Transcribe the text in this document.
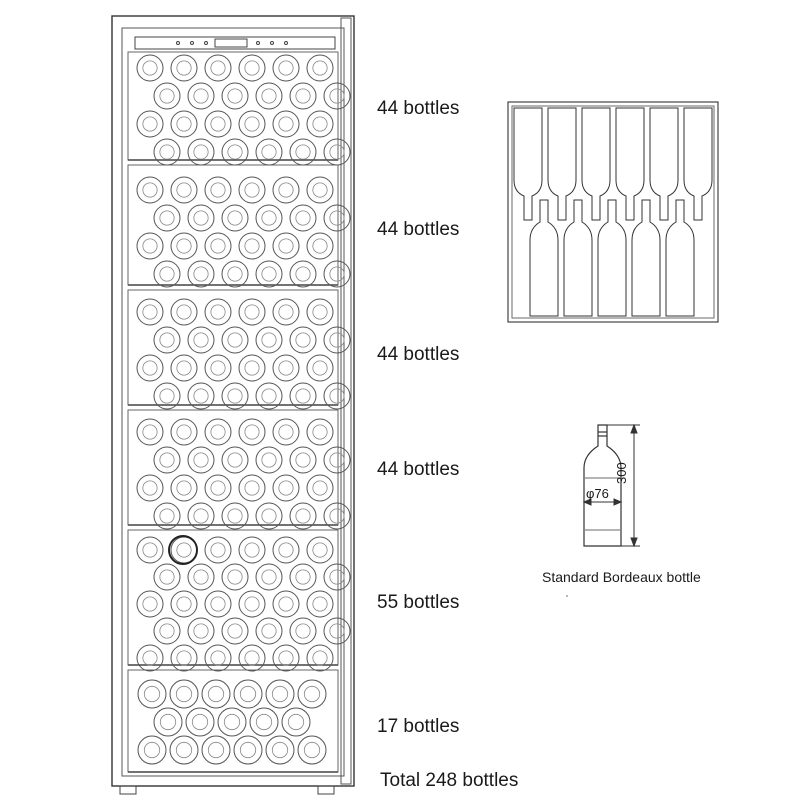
44 bottles
44 bottles
44 bottles
44 bottles
55 bottles
17 bottles
Total 248 bottles
Standard Bordeaux bottle
φ76
300
